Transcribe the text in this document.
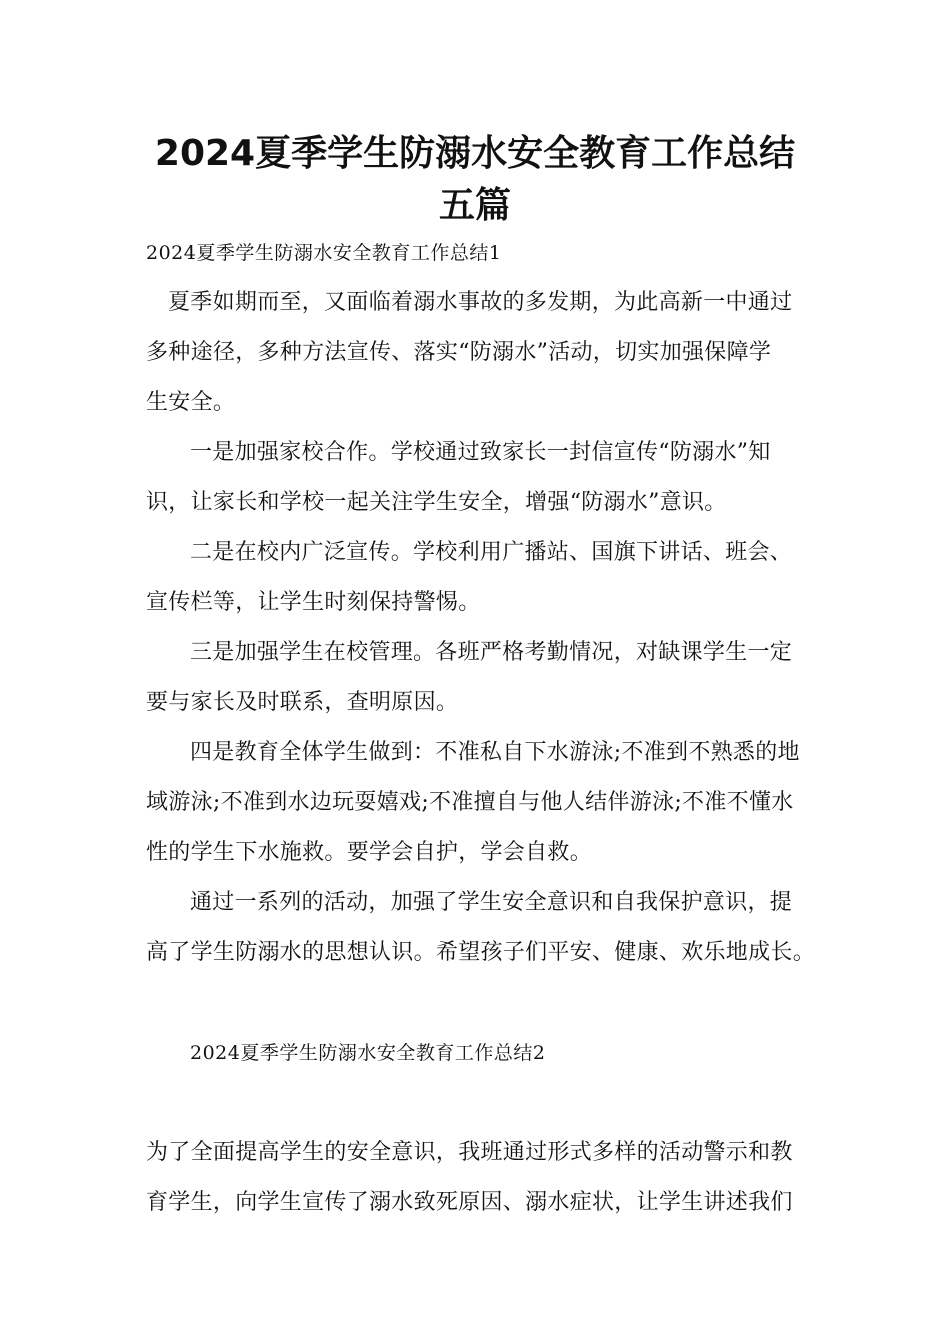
2024夏季学生防溺水安全教育工作总结
五篇

2024夏季学生防溺水安全教育工作总结1

夏季如期而至，又面临着溺水事故的多发期，为此高新一中通过

多种途径，多种方法宣传、落实“防溺水”活动，切实加强保障学

生安全。

一是加强家校合作。学校通过致家长一封信宣传“防溺水”知

识，让家长和学校一起关注学生安全，增强“防溺水”意识。

二是在校内广泛宣传。学校利用广播站、国旗下讲话、班会、

宣传栏等，让学生时刻保持警惕。

三是加强学生在校管理。各班严格考勤情况，对缺课学生一定

要与家长及时联系，查明原因。

四是教育全体学生做到：不准私自下水游泳;不准到不熟悉的地

域游泳;不准到水边玩耍嬉戏;不准擅自与他人结伴游泳;不准不懂水

性的学生下水施救。要学会自护，学会自救。

通过一系列的活动，加强了学生安全意识和自我保护意识，提

高了学生防溺水的思想认识。希望孩子们平安、健康、欢乐地成长。

2024夏季学生防溺水安全教育工作总结2

为了全面提高学生的安全意识，我班通过形式多样的活动警示和教

育学生，向学生宣传了溺水致死原因、溺水症状，让学生讲述我们
